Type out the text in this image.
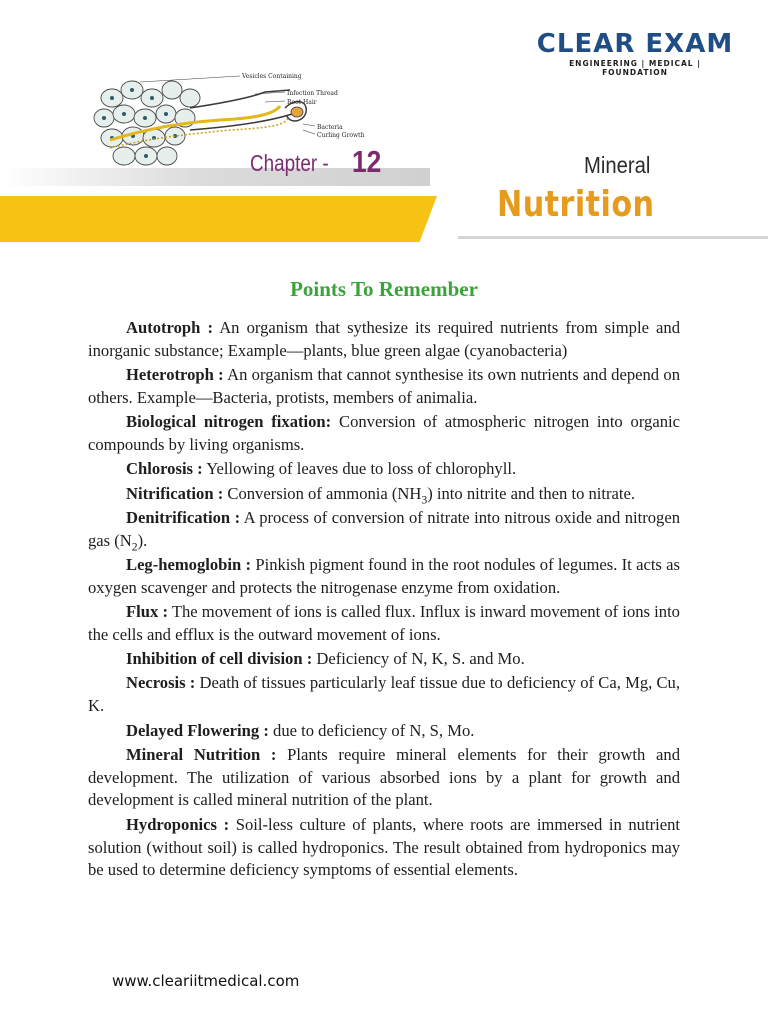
CLEAR EXAM
ENGINEERING | MEDICAL | FOUNDATION
Vesicles Containing
Infection Thread
Root Hair
Bacteria
Curling Growth
Chapter - 12	Mineral
Nutrition
Points To Remember

Autotroph : An organism that sythesize its required nutrients from simple and inorganic substance; Example—plants, blue green algae (cyanobacteria)

Heterotroph : An organism that cannot synthesise its own nutrients and depend on others. Example—Bacteria, protists, members of animalia.

Biological nitrogen fixation: Conversion of atmospheric nitrogen into organic compounds by living organisms.

Chlorosis : Yellowing of leaves due to loss of chlorophyll.

Nitrification : Conversion of ammonia $(NH_3)$ into nitrite and then to nitrate.

Denitrification : A process of conversion of nitrate into nitrous oxide and nitrogen gas $(N_2)$.

Leg-hemoglobin : Pinkish pigment found in the root nodules of legumes. It acts as oxygen scavenger and protects the nitrogenase enzyme from oxidation.

Flux : The movement of ions is called flux. Influx is inward movement of ions into the cells and efflux is the outward movement of ions.

Inhibition of cell division : Deficiency of N, K, S. and Mo.

Necrosis : Death of tissues particularly leaf tissue due to deficiency of Ca, Mg, Cu, K.

Delayed Flowering : due to deficiency of N, S, Mo.

Mineral Nutrition : Plants require mineral elements for their growth and development. The utilization of various absorbed ions by a plant for growth and development is called mineral nutrition of the plant.

Hydroponics : Soil-less culture of plants, where roots are immersed in nutrient solution (without soil) is called hydroponics. The result obtained from hydroponics may be used to determine deficiency symptoms of essential elements.

www.cleariitmedical.com
